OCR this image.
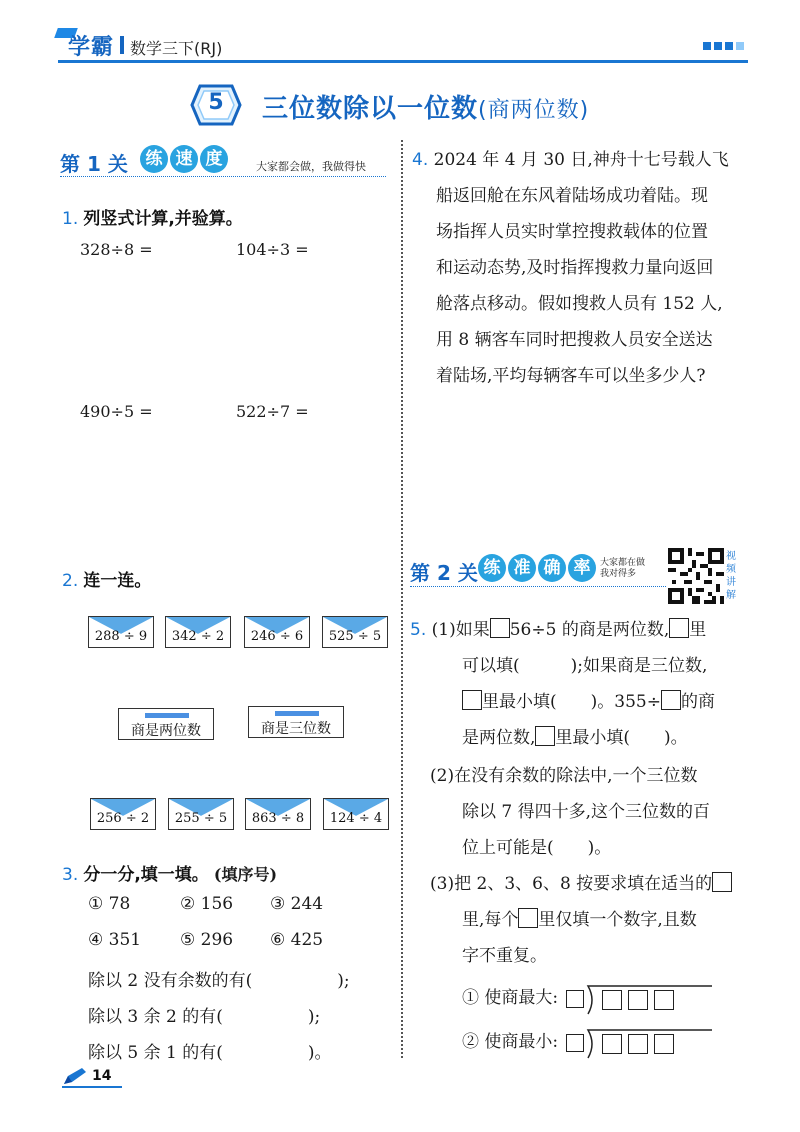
学霸 数学三下(RJ)
5	三位数除以一位数(商两位数)
第 1 关	练 速 度	大家都会做，我做得快
1. 列竖式计算,并验算。
328÷8 =	104÷3 =
490÷5 =	522÷7 =
2. 连一连。
288 ÷ 9	342 ÷ 2	246 ÷ 6	525 ÷ 5
商是两位数	商是三位数
256 ÷ 2	255 ÷ 5	863 ÷ 8	124 ÷ 4
3. 分一分,填一填。 (填序号)
① 78	② 156 ③ 244
④ 351 ⑤ 296 ⑥ 425
除以 2 没有余数的有(　　　　　);
除以 3 余 2 的有(　　　　　);
除以 5 余 1 的有(　　　　　)。
4. 2024 年 4 月 30 日,神舟十七号载人飞
船返回舱在东风着陆场成功着陆。现
场指挥人员实时掌控搜救载体的位置
和运动态势,及时指挥搜救力量向返回
舱落点移动。假如搜救人员有 152 人,
用 8 辆客车同时把搜救人员安全送达
着陆场,平均每辆客车可以坐多少人?
第 2 关 练 准 确 率	大家都在做
我对得多
视
频
讲
解
5. (1)如果 56÷5 的商是两位数, 里
可以填(　　　);如果商是三位数,
里最小填(　　)。355÷ 的商
是两位数, 里最小填(　　)。
(2)在没有余数的除法中,一个三位数
除以 7 得四十多,这个三位数的百
位上可能是(　　)。
(3)把 2、3、6、8 按要求填在适当的
里,每个 里仅填一个数字,且数
字不重复。
① 使商最大:
② 使商最小:
14
